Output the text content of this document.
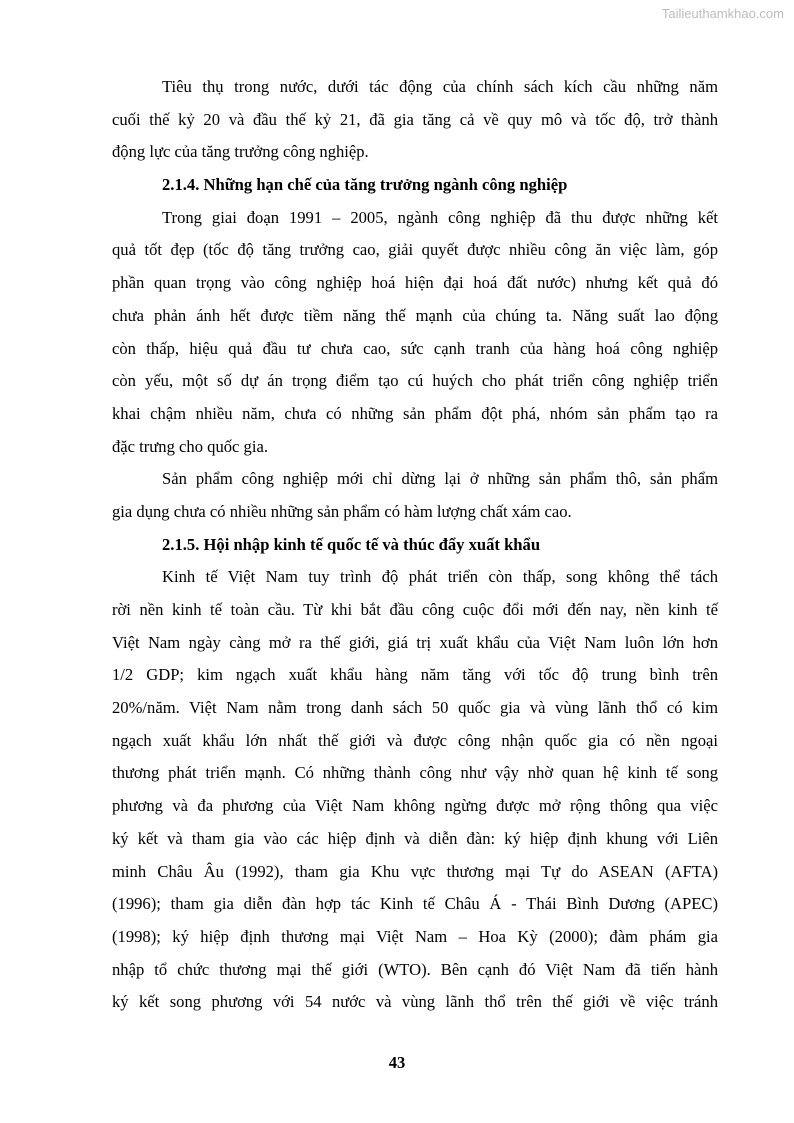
Tailieuthamkhao.com
Tiêu thụ trong nước, dưới tác động của chính sách kích cầu những năm
cuối thế kỷ 20 và đầu thế kỷ 21, đã gia tăng cả về quy mô và tốc độ, trở thành
động lực của tăng trưởng công nghiệp.
2.1.4. Những hạn chế của tăng trưởng ngành công nghiệp
Trong giai đoạn 1991 – 2005, ngành công nghiệp đã thu được những kết
quả tốt đẹp (tốc độ tăng trưởng cao, giải quyết được nhiều công ăn việc làm, góp
phần quan trọng vào công nghiệp hoá hiện đại hoá đất nước) nhưng kết quả đó
chưa phản ánh hết được tiềm năng thế mạnh của chúng ta. Năng suất lao động
còn thấp, hiệu quả đầu tư chưa cao, sức cạnh tranh của hàng hoá công nghiệp
còn yếu, một số dự án trọng điểm tạo cú huých cho phát triển công nghiệp triển
khai chậm nhiều năm, chưa có những sản phẩm đột phá, nhóm sản phẩm tạo ra
đặc trưng cho quốc gia.
Sản phẩm công nghiệp mới chỉ dừng lại ở những sản phẩm thô, sản phẩm
gia dụng chưa có nhiều những sản phẩm có hàm lượng chất xám cao.
2.1.5. Hội nhập kinh tế quốc tế và thúc đẩy xuất khẩu
Kinh tế Việt Nam tuy trình độ phát triển còn thấp, song không thể tách
rời nền kinh tế toàn cầu. Từ khi bắt đầu công cuộc đổi mới đến nay, nền kinh tế
Việt Nam ngày càng mở ra thế giới, giá trị xuất khẩu của Việt Nam luôn lớn hơn
1/2 GDP; kim ngạch xuất khẩu hàng năm tăng với tốc độ trung bình trên
20%/năm. Việt Nam nằm trong danh sách 50 quốc gia và vùng lãnh thổ có kim
ngạch xuất khẩu lớn nhất thế giới và được công nhận quốc gia có nền ngoại
thương phát triển mạnh. Có những thành công như vậy nhờ quan hệ kinh tế song
phương và đa phương của Việt Nam không ngừng được mở rộng thông qua việc
ký kết và tham gia vào các hiệp định và diễn đàn: ký hiệp định khung với Liên
minh Châu Âu (1992), tham gia Khu vực thương mại Tự do ASEAN (AFTA)
(1996); tham gia diễn đàn hợp tác Kinh tế Châu Á - Thái Bình Dương (APEC)
(1998); ký hiệp định thương mại Việt Nam – Hoa Kỳ (2000); đàm phám gia
nhập tổ chức thương mại thế giới (WTO). Bên cạnh đó Việt Nam đã tiến hành
ký kết song phương với 54 nước và vùng lãnh thổ trên thế giới về việc tránh
43
